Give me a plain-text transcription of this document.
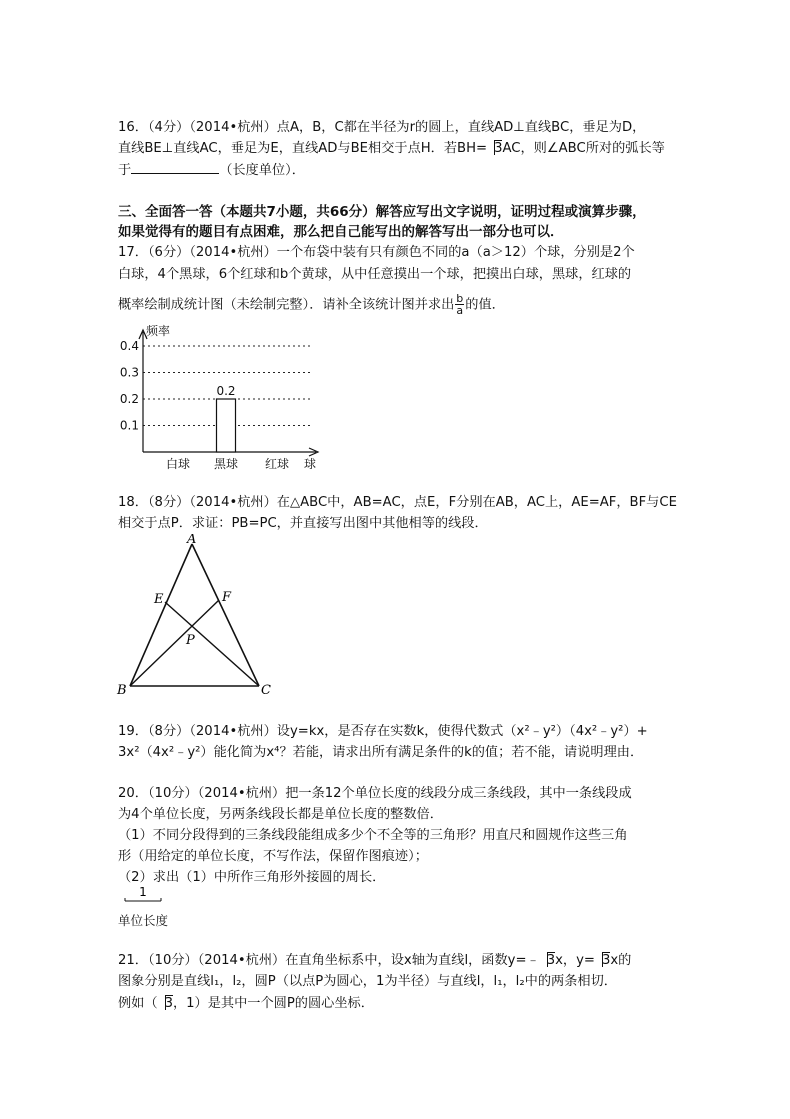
16．（4分）（2014•杭州）点A，B，C都在半径为r的圆上，直线AD⊥直线BC，垂足为D，
直线BE⊥直线AC，垂足为E，直线AD与BE相交于点H．若BH= 3AC，则∠ABC所对的弧长等
于	（长度单位）．
三、全面答一答（本题共7小题，共66分）解答应写出文字说明，证明过程或演算步骤，
如果觉得有的题目有点困难，那么把自己能写出的解答写出一部分也可以．
17．（6分）（2014•杭州）一个布袋中装有只有颜色不同的a（a＞12）个球，分别是2个
白球，4个黑球，6个红球和b个黄球，从中任意摸出一个球，把摸出白球，黑球，红球的
概率绘制成统计图（未绘制完整）．请补全该统计图并求出 $\frac{b}{a}$ 的值．
0.1
0.2
0.3
0.4
频率
球
白球 黑球
0.2
红球
18．（8分）（2014•杭州）在△ABC中，AB=AC，点E，F分别在AB，AC上，AE=AF，BF与CE
相交于点P．求证：PB=PC，并直接写出图中其他相等的线段．
A
E	F
P
B	C
19．（8分）（2014•杭州）设y=kx，是否存在实数k，使得代数式（x²﹣y²）（4x²﹣y²）+
3x²（4x²﹣y²）能化简为x⁴？若能，请求出所有满足条件的k的值；若不能，请说明理由．
20．（10分）（2014•杭州）把一条12个单位长度的线段分成三条线段，其中一条线段成
为4个单位长度，另两条线段长都是单位长度的整数倍．
（1）不同分段得到的三条线段能组成多少个不全等的三角形？用直尺和圆规作这些三角
形（用给定的单位长度，不写作法，保留作图痕迹）；
（2）求出（1）中所作三角形外接圆的周长．
1
单位长度
21．（10分）（2014•杭州）在直角坐标系中，设x轴为直线l，函数y=﹣ 3x，y= 3x的
图象分别是直线l₁，l₂，圆P（以点P为圆心，1为半径）与直线l，l₁，l₂中的两条相切．
例如（ 3，1）是其中一个圆P的圆心坐标．
